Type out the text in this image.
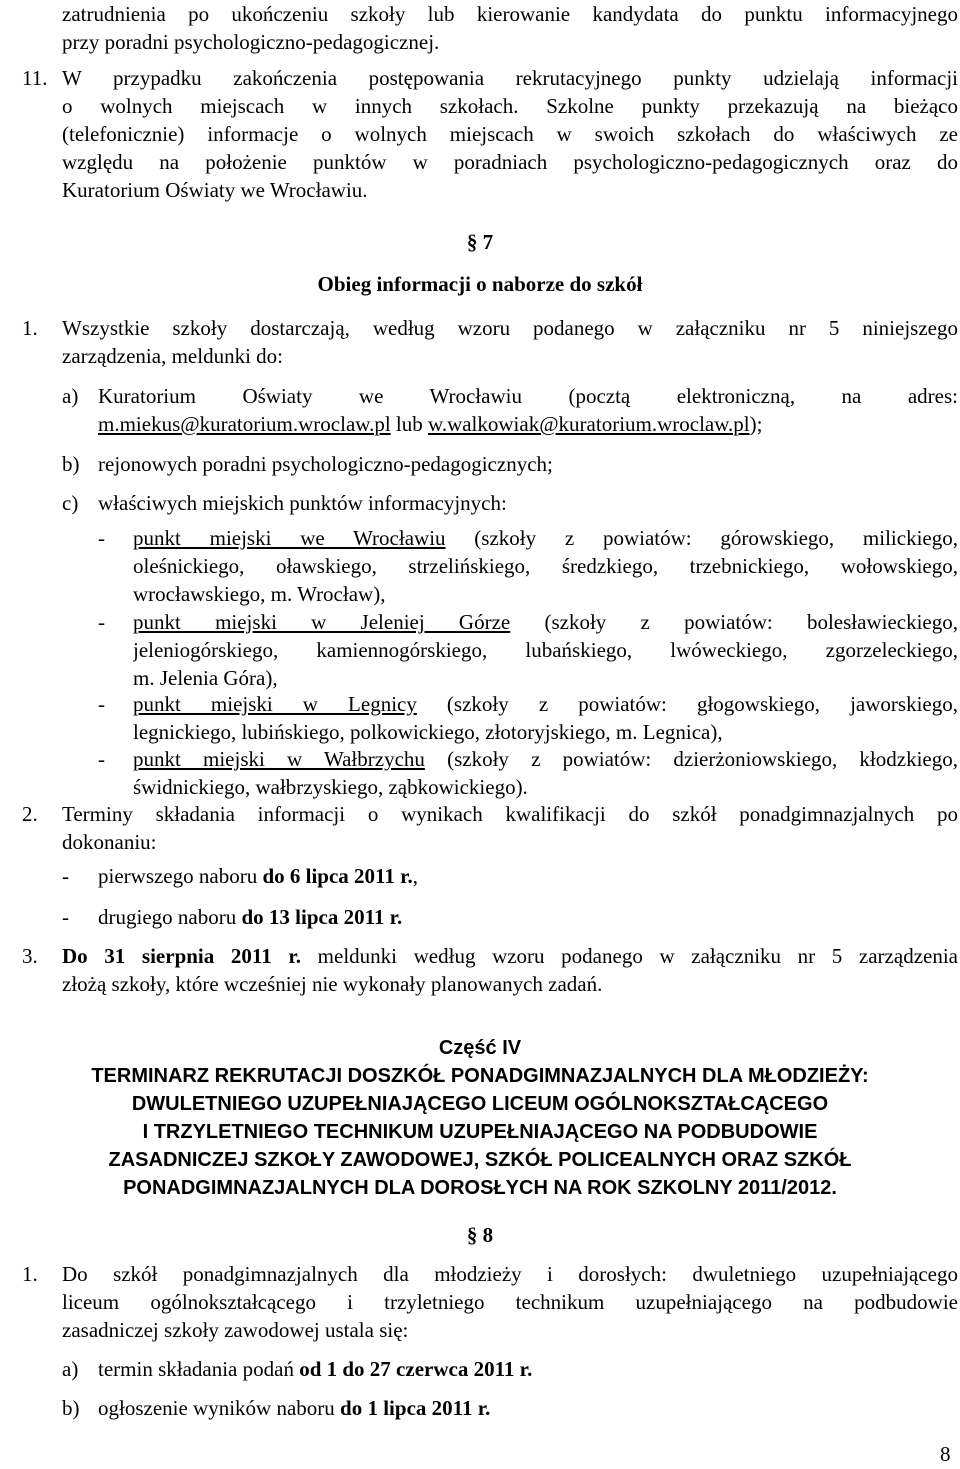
zatrudnienia po ukończeniu szkoły lub kierowanie kandydata do punktu informacyjnego
przy poradni psychologiczno-pedagogicznej.
11. W przypadku zakończenia postępowania rekrutacyjnego punkty udzielają informacji
o wolnych miejscach w innych szkołach. Szkolne punkty przekazują na bieżąco
(telefonicznie) informacje o wolnych miejscach w swoich szkołach do właściwych ze
względu na położenie punktów w poradniach psychologiczno-pedagogicznych oraz do
Kuratorium Oświaty we Wrocławiu.
§ 7
Obieg informacji o naborze do szkół
1. Wszystkie szkoły dostarczają, według wzoru podanego w załączniku nr 5 niniejszego
zarządzenia, meldunki do:
a) Kuratorium Oświaty we Wrocławiu (pocztą elektroniczną, na adres:
m.miekus@kuratorium.wroclaw.pl lub w.walkowiak@kuratorium.wroclaw.pl);
b) rejonowych poradni psychologiczno-pedagogicznych;
c) właściwych miejskich punktów informacyjnych:
- punkt miejski we Wrocławiu (szkoły z powiatów: górowskiego, milickiego,
oleśnickiego, oławskiego, strzelińskiego, średzkiego, trzebnickiego, wołowskiego,
wrocławskiego, m. Wrocław),
- punkt miejski w Jeleniej Górze (szkoły z powiatów: bolesławieckiego,
jeleniogórskiego, kamiennogórskiego, lubańskiego, lwóweckiego, zgorzeleckiego,
m. Jelenia Góra),
- punkt miejski w Legnicy (szkoły z powiatów: głogowskiego, jaworskiego,
legnickiego, lubińskiego, polkowickiego, złotoryjskiego, m. Legnica),
- punkt miejski w Wałbrzychu (szkoły z powiatów: dzierżoniowskiego, kłodzkiego,
świdnickiego, wałbrzyskiego, ząbkowickiego).
2. Terminy składania informacji o wynikach kwalifikacji do szkół ponadgimnazjalnych po
dokonaniu:
- pierwszego naboru do 6 lipca 2011 r.,
- drugiego naboru do 13 lipca 2011 r.
3. Do 31 sierpnia 2011 r. meldunki według wzoru podanego w załączniku nr 5 zarządzenia
złożą szkoły, które wcześniej nie wykonały planowanych zadań.
Część IV
TERMINARZ REKRUTACJI DOSZKÓŁ PONADGIMNAZJALNYCH DLA MŁODZIEŻY:
DWULETNIEGO UZUPEŁNIAJĄCEGO LICEUM OGÓLNOKSZTAŁCĄCEGO
I TRZYLETNIEGO TECHNIKUM UZUPEŁNIAJĄCEGO NA PODBUDOWIE
ZASADNICZEJ SZKOŁY ZAWODOWEJ, SZKÓŁ POLICEALNYCH ORAZ SZKÓŁ
PONADGIMNAZJALNYCH DLA DOROSŁYCH NA ROK SZKOLNY 2011/2012.
§ 8
1. Do szkół ponadgimnazjalnych dla młodzieży i dorosłych: dwuletniego uzupełniającego
liceum ogólnokształcącego i trzyletniego technikum uzupełniającego na podbudowie
zasadniczej szkoły zawodowej ustala się:
a) termin składania podań od 1 do 27 czerwca 2011 r.
b) ogłoszenie wyników naboru do 1 lipca 2011 r.
8
